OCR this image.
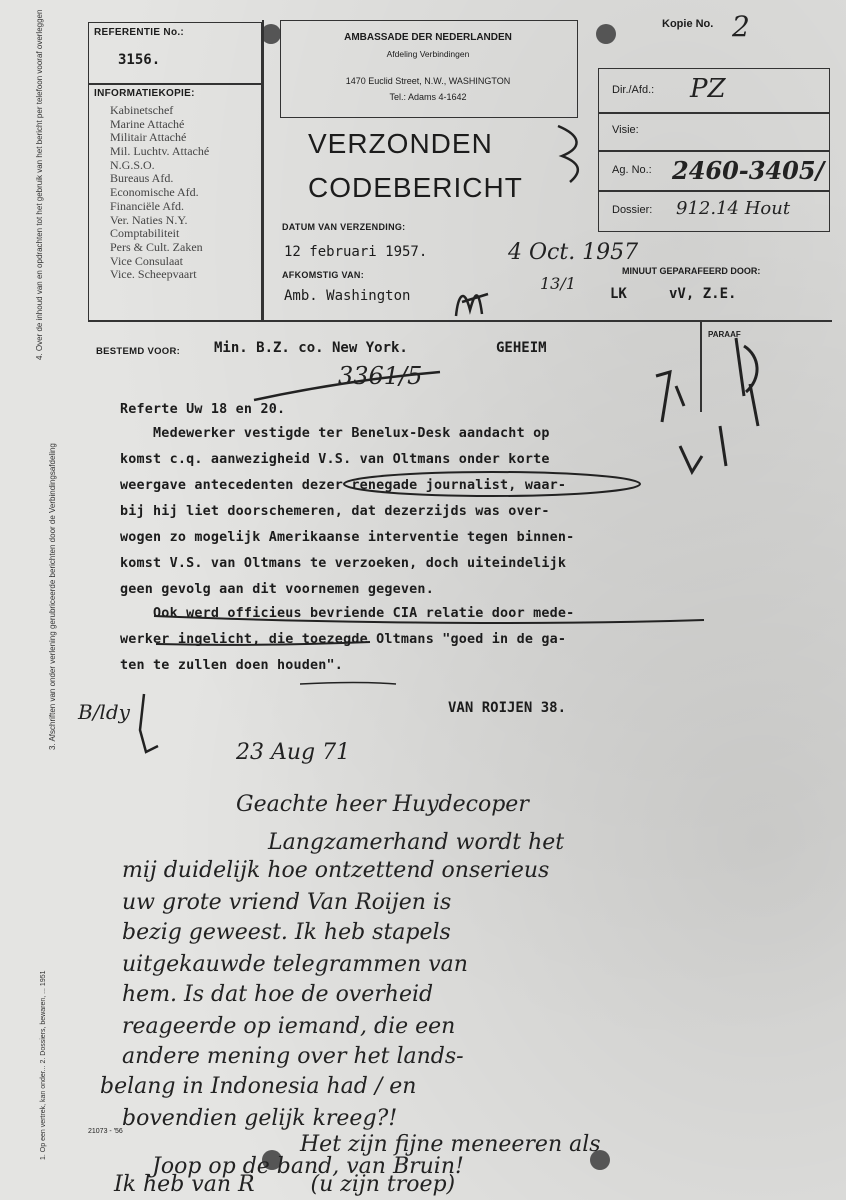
4. Over de inhoud van en opdrachten tot het gebruik van het bericht per telefoon vooraf overleggen
3. Afschriften van onder verlening gerubriceerde berichten door de Verbindingsafdeling
1. Op een vertrek, kan onder... 2. Dossiers, bewaren, ... 1951
REFERENTIE No.:
3156.
INFORMATIEKOPIE:
Kabinetschef
Marine Attaché
Militair Attaché
Mil. Luchtv. Attaché
N.G.S.O.
Bureaus Afd.
Economische Afd.
Financiële Afd.
Ver. Naties N.Y.
Comptabiliteit
Pers & Cult. Zaken
Vice Consulaat
Vice. Scheepvaart
AMBASSADE DER NEDERLANDEN
Afdeling Verbindingen
1470 Euclid Street, N.W., WASHINGTON
Tel.: Adams 4-1642
VERZONDEN
CODEBERICHT
DATUM VAN VERZENDING:
12 februari 1957.
AFKOMSTIG VAN:
Amb. Washington
4 Oct. 1957
13/1
Kopie No. 2
Dir./Afd.: PZ
Visie:
Ag. No.: 2460-3405/
Dossier: 912.14 Hout
MINUUT GEPARAFEERD DOOR:
LK     vV, Z.E.
BESTEMD VOOR: Min. B.Z. co. New York.	GEHEIM
PARAAF
3361/5
Referte Uw 18 en 20.
Medewerker vestigde ter Benelux-Desk aandacht op
komst c.q. aanwezigheid V.S. van Oltmans onder korte
weergave antecedenten dezer renegade journalist, waar-
bij hij liet doorschemeren, dat dezerzijds was over-
wogen zo mogelijk Amerikaanse interventie tegen binnen-
komst V.S. van Oltmans te verzoeken, doch uiteindelijk
geen gevolg aan dit voornemen gegeven.
Ook werd officieus bevriende CIA relatie door mede-
werker ingelicht, die toezegde Oltmans "goed in de ga-
ten te zullen doen houden".
VAN ROIJEN 38.
B/ldy
23 Aug 71
Geachte heer Huydecoper
Langzamerhand wordt het
mij duidelijk hoe ontzettend onserieus
uw grote vriend Van Roijen is
bezig geweest. Ik heb stapels
uitgekauwde telegrammen van
hem. Is dat hoe de overheid
reageerde op iemand, die een
andere mening over het lands-
belang in Indonesia had / en
bovendien gelijk kreeg?!
Het zijn fijne meneeren als
Joop op de band, van Bruin!
Ik heb van R        (u zijn troep)
21073 - '56
